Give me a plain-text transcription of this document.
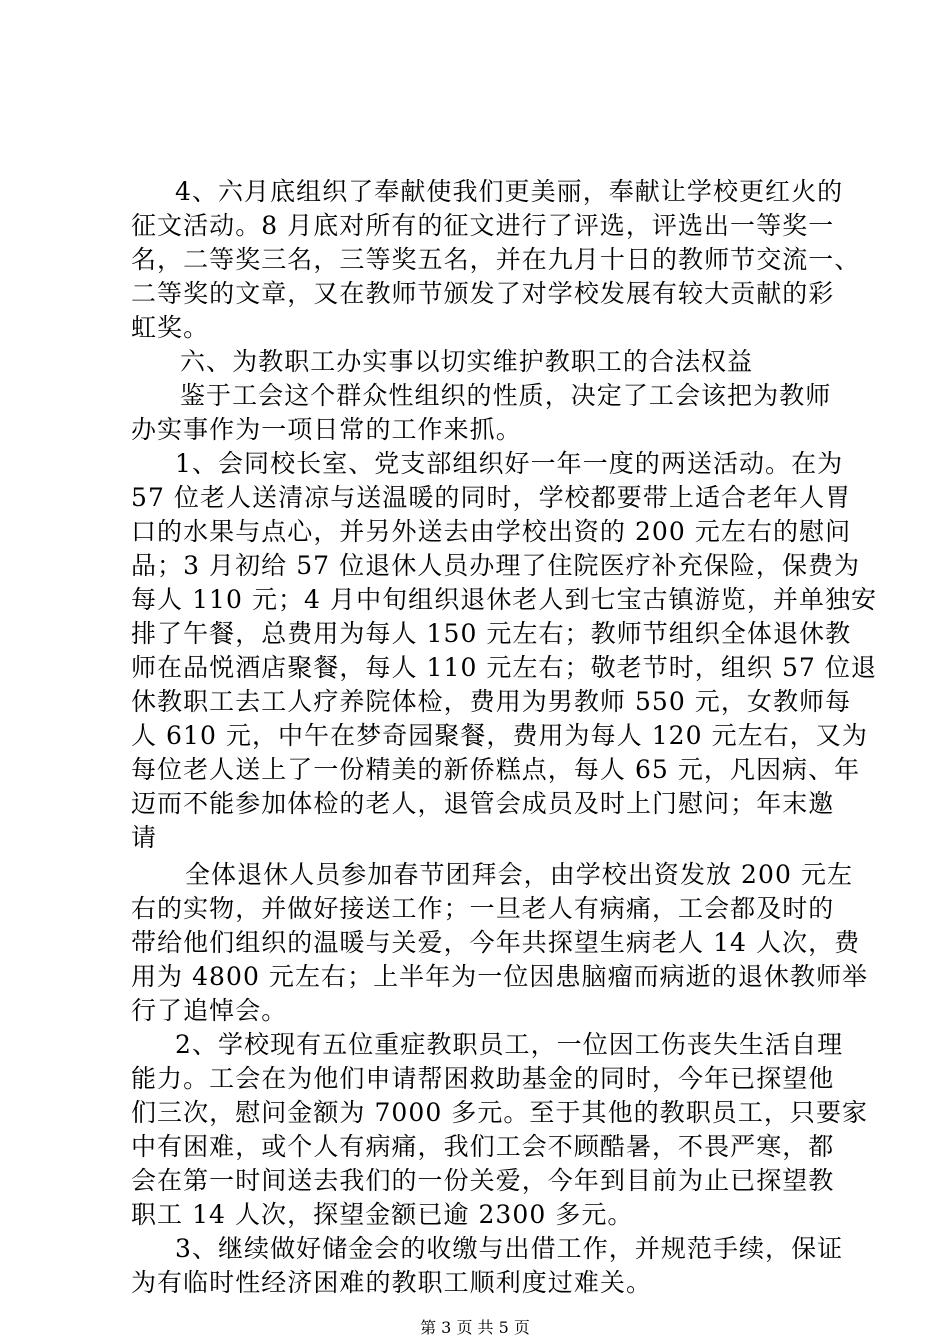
4、六月底组织了奉献使我们更美丽，奉献让学校更红火的
征文活动。8 月底对所有的征文进行了评选，评选出一等奖一
名，二等奖三名，三等奖五名，并在九月十日的教师节交流一、
二等奖的文章，又在教师节颁发了对学校发展有较大贡献的彩
虹奖。
六、为教职工办实事以切实维护教职工的合法权益
鉴于工会这个群众性组织的性质，决定了工会该把为教师
办实事作为一项日常的工作来抓。
1、会同校长室、党支部组织好一年一度的两送活动。在为
57 位老人送清凉与送温暖的同时，学校都要带上适合老年人胃
口的水果与点心，并另外送去由学校出资的 200 元左右的慰问
品；3 月初给 57 位退休人员办理了住院医疗补充保险，保费为
每人 110 元；4 月中旬组织退休老人到七宝古镇游览，并单独安
排了午餐，总费用为每人 150 元左右；教师节组织全体退休教
师在品悦酒店聚餐，每人 110 元左右；敬老节时，组织 57 位退
休教职工去工人疗养院体检，费用为男教师 550 元，女教师每
人 610 元，中午在梦奇园聚餐，费用为每人 120 元左右，又为
每位老人送上了一份精美的新侨糕点，每人 65 元，凡因病、年
迈而不能参加体检的老人，退管会成员及时上门慰问；年末邀
请
全体退休人员参加春节团拜会，由学校出资发放 200 元左
右的实物，并做好接送工作；一旦老人有病痛，工会都及时的
带给他们组织的温暖与关爱，今年共探望生病老人 14 人次，费
用为 4800 元左右；上半年为一位因患脑瘤而病逝的退休教师举
行了追悼会。
2、学校现有五位重症教职员工，一位因工伤丧失生活自理
能力。工会在为他们申请帮困救助基金的同时，今年已探望他
们三次，慰问金额为 7000 多元。至于其他的教职员工，只要家
中有困难，或个人有病痛，我们工会不顾酷暑，不畏严寒，都
会在第一时间送去我们的一份关爱，今年到目前为止已探望教
职工 14 人次，探望金额已逾 2300 多元。
3、继续做好储金会的收缴与出借工作，并规范手续，保证
为有临时性经济困难的教职工顺利度过难关。
第 3 页 共 5 页
